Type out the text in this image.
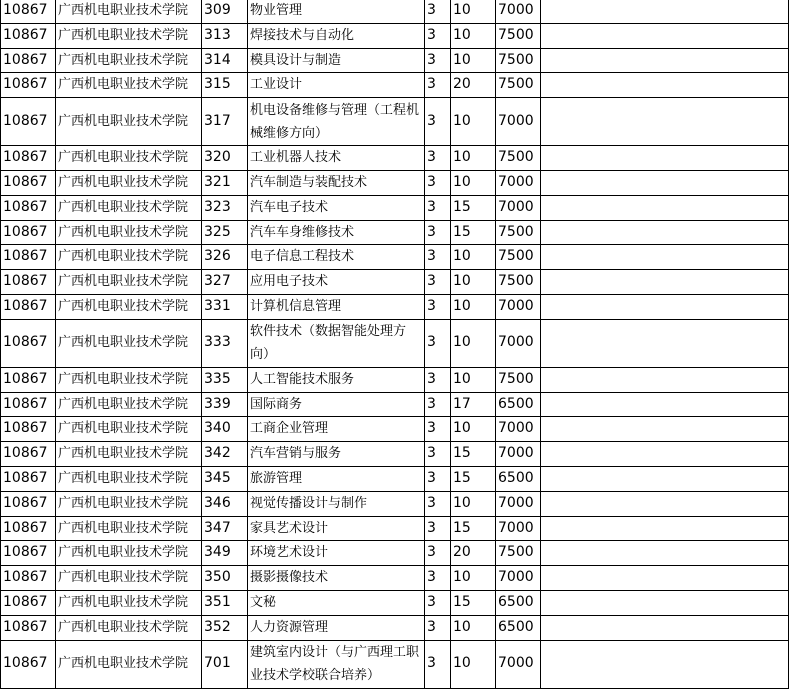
10867	广西机电职业技术学院	309	物业管理	3	10	7000	
10867	广西机电职业技术学院	313	焊接技术与自动化	3	10	7500	
10867	广西机电职业技术学院	314	模具设计与制造	3	10	7500	
10867	广西机电职业技术学院	315	工业设计	3	20	7500	
10867	广西机电职业技术学院	317	机电设备维修与管理（工程机械维修方向）	3	10	7000	
10867	广西机电职业技术学院	320	工业机器人技术	3	10	7500	
10867	广西机电职业技术学院	321	汽车制造与装配技术	3	10	7000	
10867	广西机电职业技术学院	323	汽车电子技术	3	15	7000	
10867	广西机电职业技术学院	325	汽车车身维修技术	3	15	7500	
10867	广西机电职业技术学院	326	电子信息工程技术	3	10	7500	
10867	广西机电职业技术学院	327	应用电子技术	3	10	7500	
10867	广西机电职业技术学院	331	计算机信息管理	3	10	7000	
10867	广西机电职业技术学院	333	软件技术（数据智能处理方向）	3	10	7000	
10867	广西机电职业技术学院	335	人工智能技术服务	3	10	7500	
10867	广西机电职业技术学院	339	国际商务	3	17	6500	
10867	广西机电职业技术学院	340	工商企业管理	3	10	7000	
10867	广西机电职业技术学院	342	汽车营销与服务	3	15	7000	
10867	广西机电职业技术学院	345	旅游管理	3	15	6500	
10867	广西机电职业技术学院	346	视觉传播设计与制作	3	10	7000	
10867	广西机电职业技术学院	347	家具艺术设计	3	15	7000	
10867	广西机电职业技术学院	349	环境艺术设计	3	20	7500	
10867	广西机电职业技术学院	350	摄影摄像技术	3	10	7000	
10867	广西机电职业技术学院	351	文秘	3	15	6500	
10867	广西机电职业技术学院	352	人力资源管理	3	10	6500	
10867	广西机电职业技术学院	701	建筑室内设计（与广西理工职业技术学校联合培养）	3	10	7000	
